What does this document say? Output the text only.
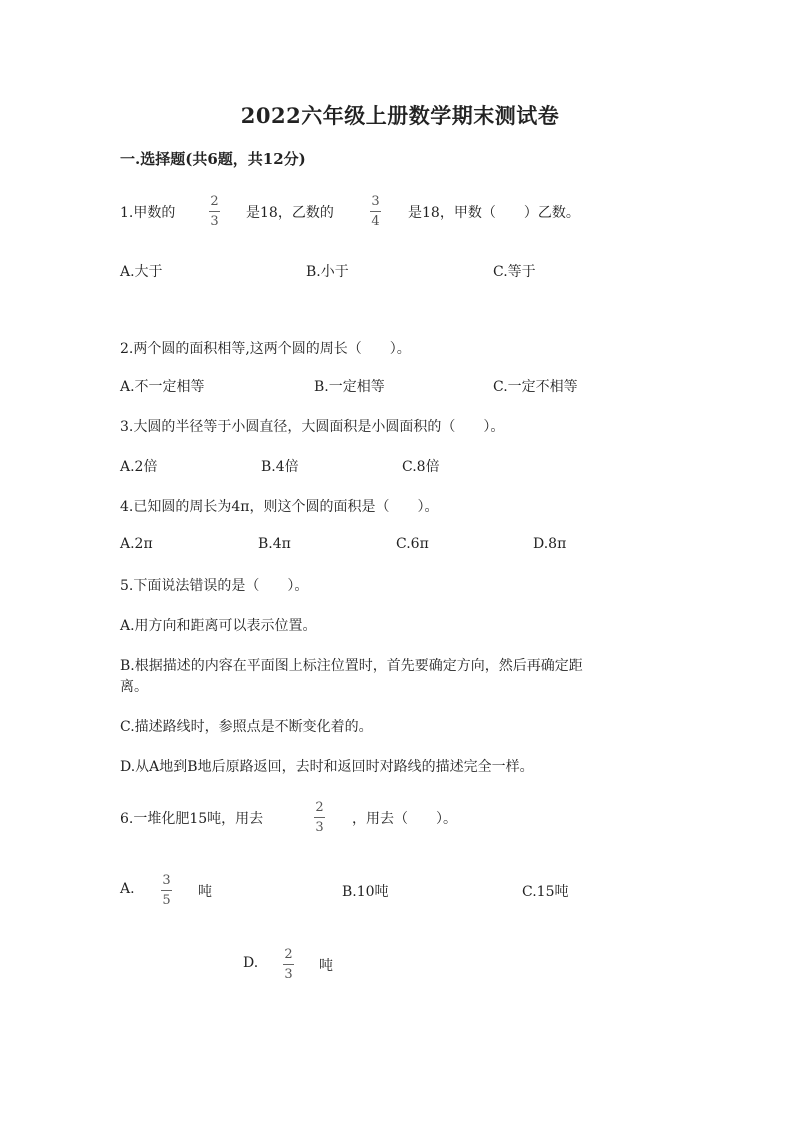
2022六年级上册数学期末测试卷
一.选择题(共6题，共12分)
1.甲数的
2
3
是18，乙数的
3
4
是18，甲数（　　）乙数。
A.大于	B.小于	C.等于
2.两个圆的面积相等,这两个圆的周长（　　）。
A.不一定相等	B.一定相等	C.一定不相等
3.大圆的半径等于小圆直径，大圆面积是小圆面积的（　　）。
A.2倍	B.4倍	C.8倍
4.已知圆的周长为4π，则这个圆的面积是（　　）。
A.2π	B.4π	C.6π	D.8π
5.下面说法错误的是（　　）。
A.用方向和距离可以表示位置。
B.根据描述的内容在平面图上标注位置时，首先要确定方向，然后再确定距
离。
C.描述路线时，参照点是不断变化着的。
D.从A地到B地后原路返回，去时和返回时对路线的描述完全一样。
6.一堆化肥15吨，用去
2
3
，用去（　　）。
A.
3
5
吨	B.10吨	C.15吨
D.
2
3
吨
